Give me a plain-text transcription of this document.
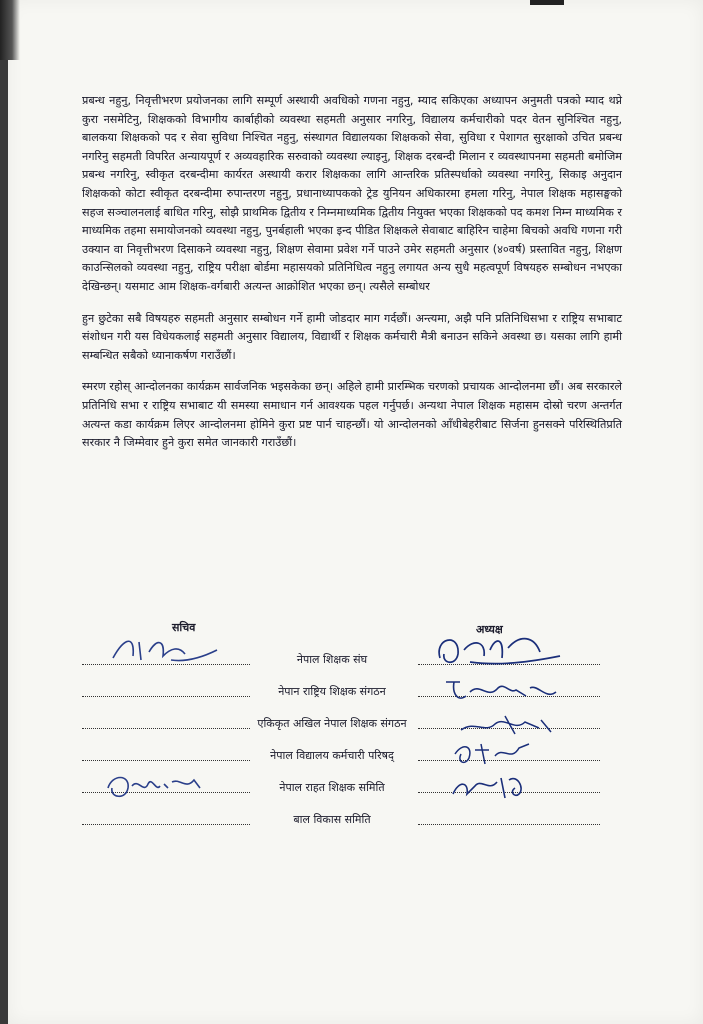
प्रबन्ध नहुनु, निवृत्तीभरण प्रयोजनका लागि सम्पूर्ण अस्थायी अवधिको गणना नहुनु, म्याद सकिएका अध्यापन अनुमती पत्रको म्याद थप्ने कुरा नसमेटिनु, शिक्षकको विभागीय कार्बाहीको व्यवस्था सहमती अनुसार नगरिनु, विद्यालय कर्मचारीको पदर वेतन सुनिश्चित नहुनु, बालकया शिक्षकको पद र सेवा सुविधा निश्चित नहुनु, संस्थागत विद्यालयका शिक्षकको सेवा, सुविधा र पेशागत सुरक्षाको उचित प्रबन्ध नगरिनु सहमती विपरित अन्यायपूर्ण र अव्यवहारिक सरुवाको व्यवस्था ल्याइनु, शिक्षक दरबन्दी मिलान र व्यवस्थापनमा सहमती बमोजिम प्रबन्ध नगरिनु, स्वीकृत दरबन्दीमा कार्यरत अस्थायी करार शिक्षकका लागि आन्तरिक प्रतिस्पर्धाको व्यवस्था नगरिनु, सिकाइ अनुदान शिक्षकको कोटा स्वीकृत दरबन्दीमा रुपान्तरण नहुनु, प्रधानाध्यापकको ट्रेड युनियन अधिकारमा हमला गरिनु, नेपाल शिक्षक महासङ्घको सहज सञ्चालनलाई बाधित गरिनु, सोझै प्राथमिक द्वितीय र निम्नमाध्यमिक द्वितीय नियुक्त भएका शिक्षकको पद कमश निम्न माध्यमिक र माध्यमिक तहमा समायोजनको व्यवस्था नहुनु, पुनर्बहाली भएका इन्द पीडित शिक्षकले सेवाबाट बाहिरिन चाहेमा बिचको अवधि गणना गरी उक्यान वा निवृत्तीभरण दिसाकने व्यवस्था नहुनु, शिक्षण सेवामा प्रवेश गर्ने पाउने उमेर सहमती अनुसार (४०वर्ष) प्रस्तावित नहुनु, शिक्षण काउन्सिलको व्यवस्था नहुनु, राष्ट्रिय परीक्षा बोर्डमा महासयको प्रतिनिधित्व नहुनु लगायत अन्य सुधै महत्वपूर्ण विषयहरु सम्बोधन नभएका देखिन्छन्। यसमाट आम शिक्षक-वर्गबारी अत्यन्त आक्रोशित भएका छन्। त्यसैले सम्बोधर

हुन छुटेका सबै विषयहरु सहमती अनुसार सम्बोधन गर्ने हामी जोडदार माग गर्दछौं। अन्त्यमा, अझै पनि प्रतिनिधिसभा र राष्ट्रिय सभाबाट संशोधन गरी यस विधेयकलाई सहमती अनुसार विद्यालय, विद्यार्थी र शिक्षक कर्मचारी मैत्री बनाउन सकिने अवस्था छ। यसका लागि हामी सम्बन्धित सबैको ध्यानाकर्षण गराउँछौं।

स्मरण रहोस् आन्दोलनका कार्यक्रम सार्वजनिक भइसकेका छन्। अहिले हामी प्रारम्भिक चरणको प्रचायक आन्दोलनमा छौं। अब सरकारले प्रतिनिधि सभा र राष्ट्रिय सभाबाट यी समस्या समाधान गर्न आवश्यक पहल गर्नुपर्छ। अन्यथा नेपाल शिक्षक महासम दोस्रो चरण अन्तर्गत अत्यन्त कडा कार्यक्रम लिएर आन्दोलनमा होमिने कुरा प्रष्ट पार्न चाहन्छौं। यो आन्दोलनको आँधीबेहरीबाट सिर्जना हुनसक्ने परिस्थितिप्रति सरकार नै जिम्मेवार हुने कुरा समेत जानकारी गराउँछौं।

सचिव	अध्यक्ष
नेपाल शिक्षक संघ
नेपान राष्ट्रिय शिक्षक संगठन
एकिकृत अखिल नेपाल शिक्षक संगठन
नेपाल विद्यालय कर्मचारी परिषद्
नेपाल राहत शिक्षक समिति
बाल विकास समिति
